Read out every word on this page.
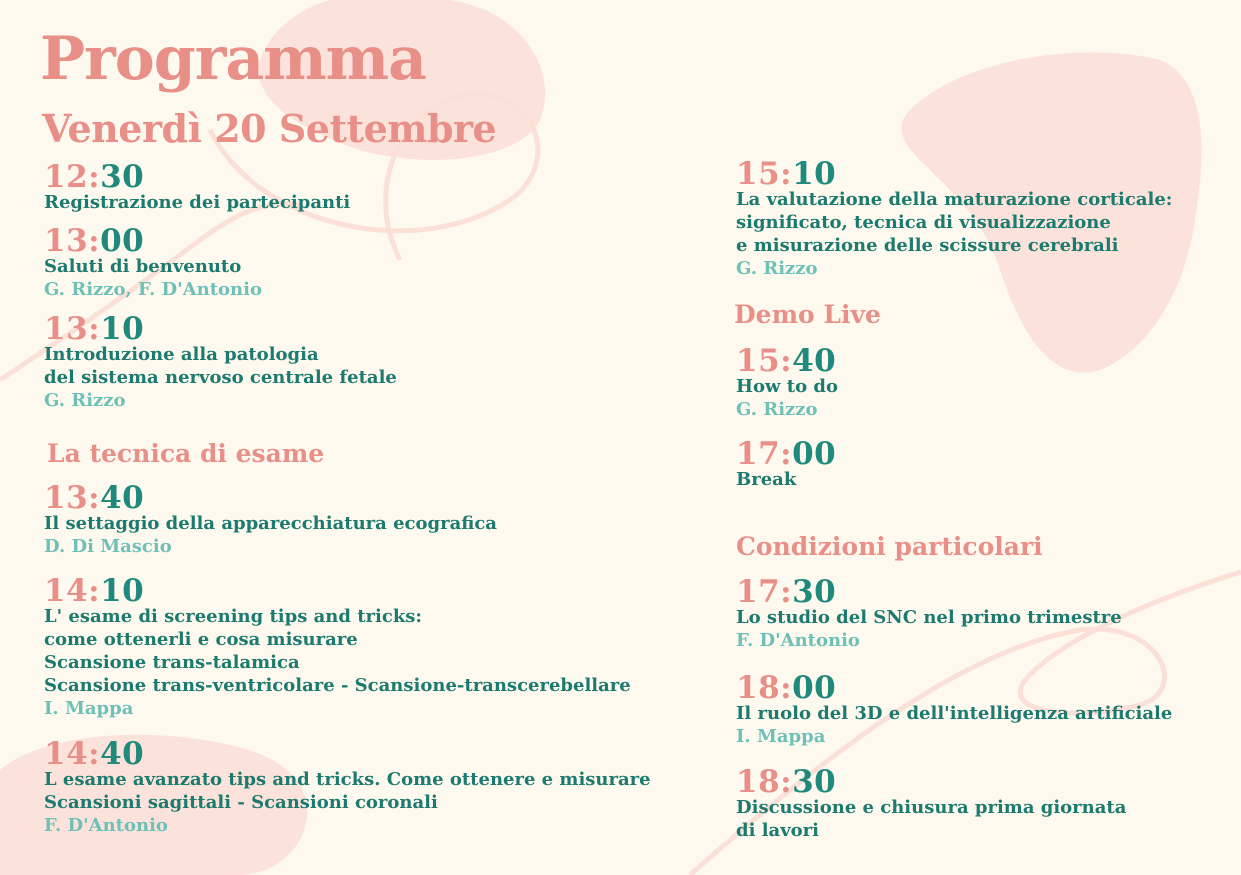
Programma
Venerdì 20 Settembre
12:30
Registrazione dei partecipanti
13:00
Saluti di benvenuto
G. Rizzo, F. D'Antonio
13:10
Introduzione alla patologia
del sistema nervoso centrale fetale
G. Rizzo
La tecnica di esame
13:40
Il settaggio della apparecchiatura ecografica
D. Di Mascio
14:10
L' esame di screening tips and tricks:
come ottenerli e cosa misurare
Scansione trans-talamica
Scansione trans-ventricolare - Scansione-transcerebellare
I. Mappa
14:40
L esame avanzato tips and tricks. Come ottenere e misurare
Scansioni sagittali - Scansioni coronali
F. D'Antonio
15:10
La valutazione della maturazione corticale:
significato, tecnica di visualizzazione
e misurazione delle scissure cerebrali
G. Rizzo
Demo Live
15:40
How to do
G. Rizzo
17:00
Break
Condizioni particolari
17:30
Lo studio del SNC nel primo trimestre
F. D'Antonio
18:00
Il ruolo del 3D e dell'intelligenza artificiale
I. Mappa
18:30
Discussione e chiusura prima giornata
di lavori
